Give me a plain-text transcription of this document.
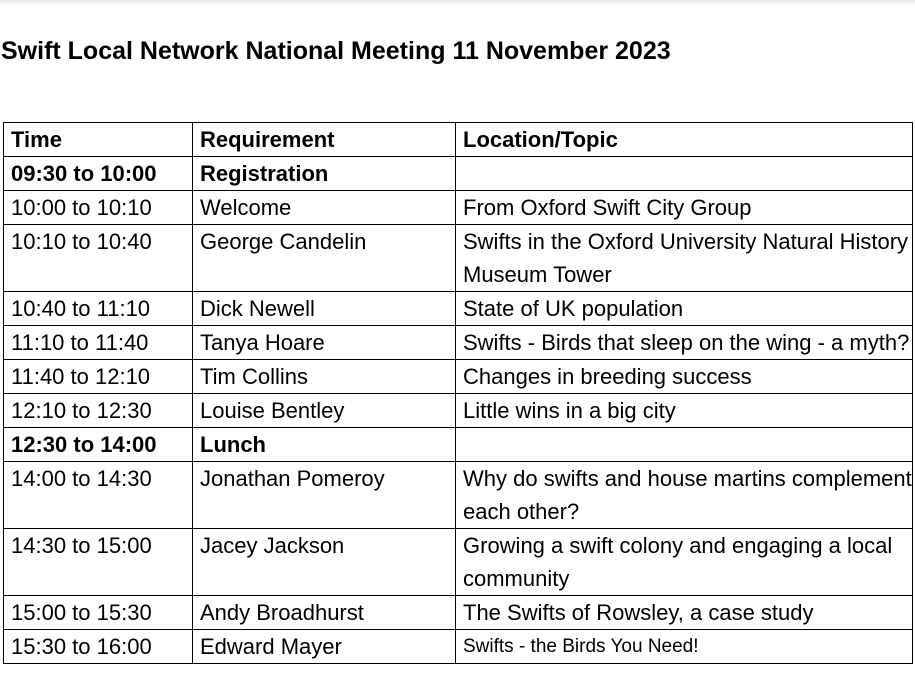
Swift Local Network National Meeting 11 November 2023
Time	Requirement	Location/Topic
09:30 to 10:00	Registration	
10:00 to 10:10	Welcome	From Oxford Swift City Group
10:10 to 10:40	George Candelin	Swifts in the Oxford University Natural History Museum Tower
10:40 to 11:10	Dick Newell	State of UK population
11:10 to 11:40	Tanya Hoare	Swifts - Birds that sleep on the wing - a myth?
11:40 to 12:10	Tim Collins	Changes in breeding success
12:10 to 12:30	Louise Bentley	Little wins in a big city
12:30 to 14:00	Lunch	
14:00 to 14:30	Jonathan Pomeroy	Why do swifts and house martins complement each other?
14:30 to 15:00	Jacey Jackson	Growing a swift colony and engaging a local community
15:00 to 15:30	Andy Broadhurst	The Swifts of Rowsley, a case study
15:30 to 16:00	Edward Mayer	Swifts - the Birds You Need!
